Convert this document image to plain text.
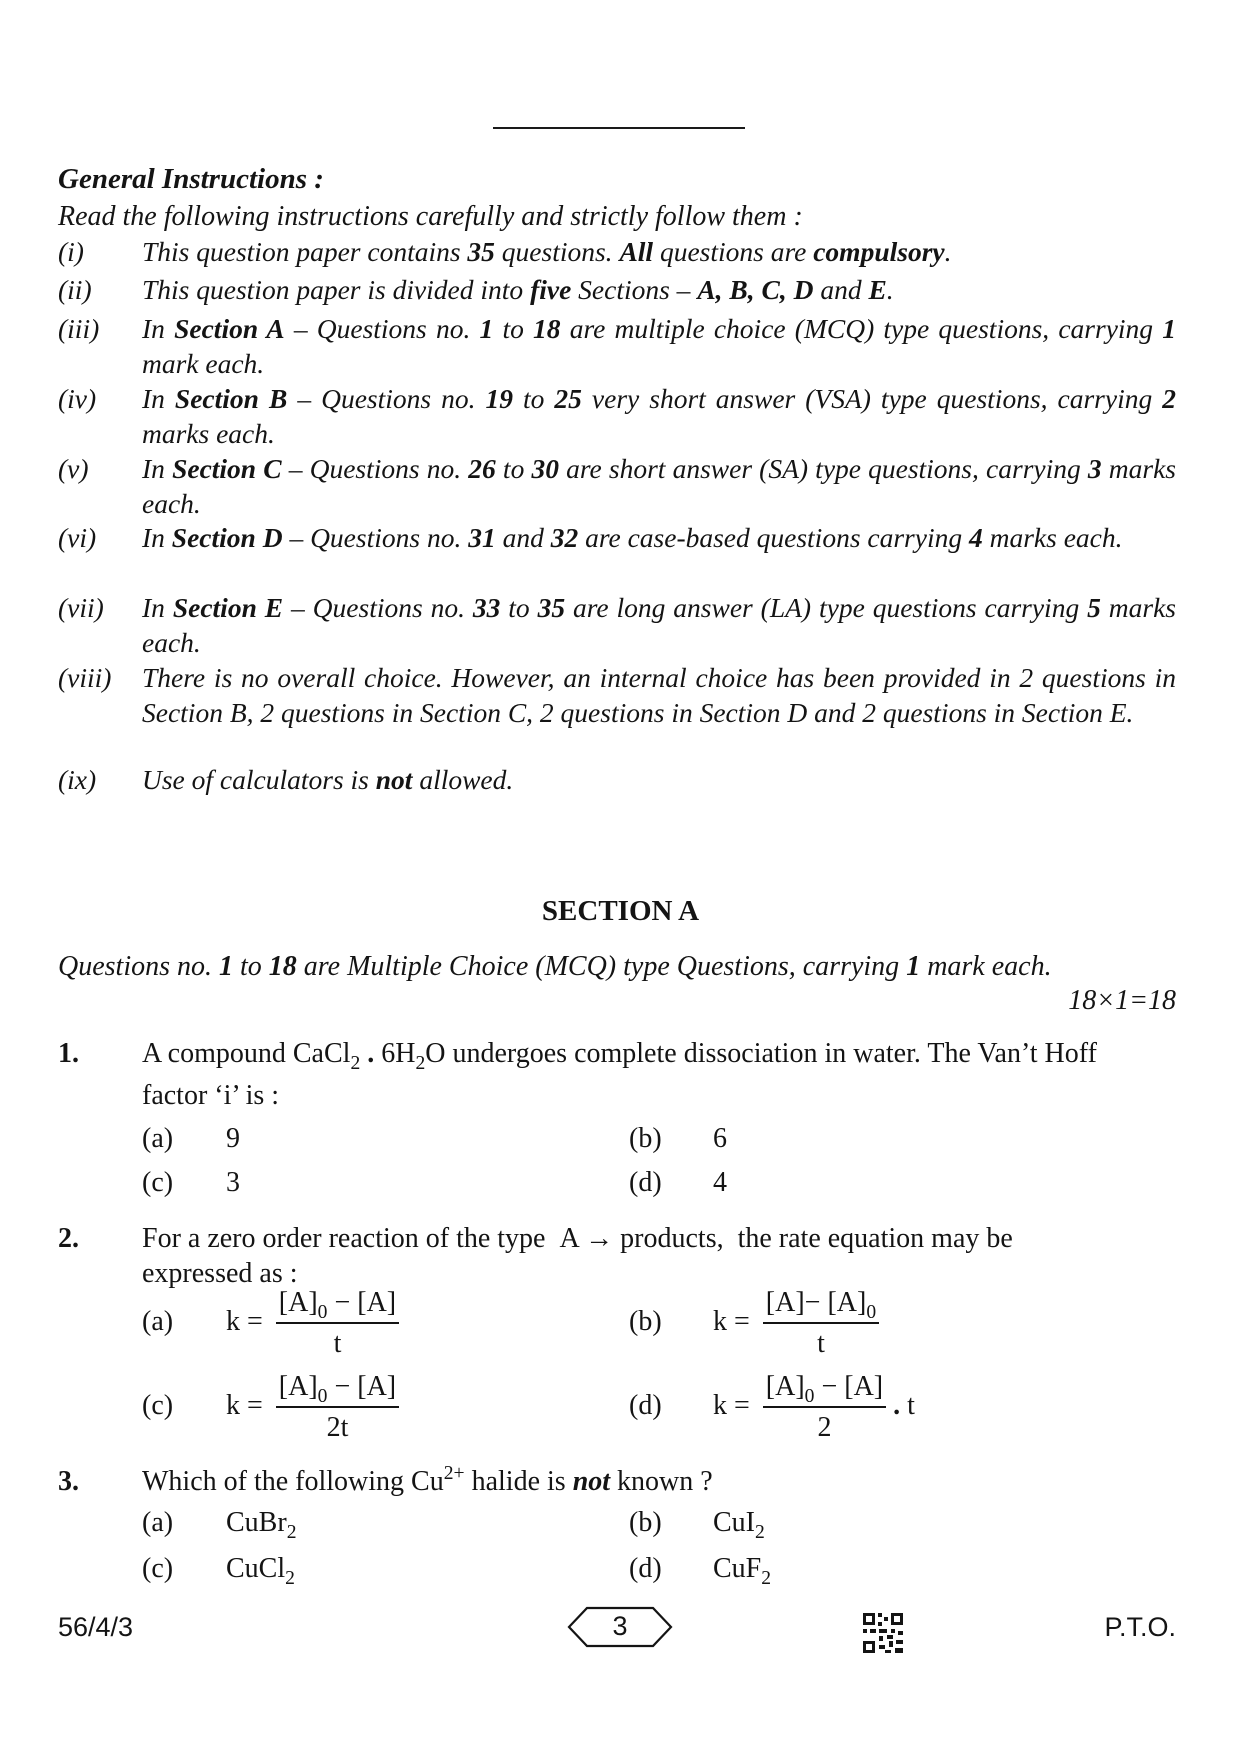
General Instructions :
Read the following instructions carefully and strictly follow them :
(i) This question paper contains 35 questions. All questions are compulsory.
(ii) This question paper is divided into five Sections – A, B, C, D and E.
(iii) In Section A – Questions no. 1 to 18 are multiple choice (MCQ) type questions, carrying 1 mark each.
(iv) In Section B – Questions no. 19 to 25 very short answer (VSA) type questions, carrying 2 marks each.
(v) In Section C – Questions no. 26 to 30 are short answer (SA) type questions, carrying 3 marks each.
(vi) In Section D – Questions no. 31 and 32 are case-based questions carrying 4 marks each.
(vii) In Section E – Questions no. 33 to 35 are long answer (LA) type questions carrying 5 marks each.
(viii) There is no overall choice. However, an internal choice has been provided in 2 questions in Section B, 2 questions in Section C, 2 questions in Section D and 2 questions in Section E.
(ix) Use of calculators is not allowed.
SECTION A
Questions no. 1 to 18 are Multiple Choice (MCQ) type Questions, carrying 1 mark each.
18×1=18
1. A compound CaCl$_2$ . $6H_2O$ undergoes complete dissociation in water. The Van’t Hoff factor ‘i’ is :
(a) 9	(b) 6
(c) 3	(d) 4
2. For a zero order reaction of the type  A → products,  the rate equation may be expressed as :
(a) $k = \frac{[A]_0 - [A]}{t}$	(b) $k = \frac{[A]- [A]_0}{t}$
(c) $k = \frac{[A]_0 - [A]}{2t}$	(d) $k = \frac{[A]_0 - [A]}{2}$ . t
3. Which of the following $Cu^{2+}$ halide is not known ?
(a) CuBr$_2$	(b) CuI$_2$
(c) CuCl$_2$	(d) CuF$_2$
56/4/3	3	P.T.O.
